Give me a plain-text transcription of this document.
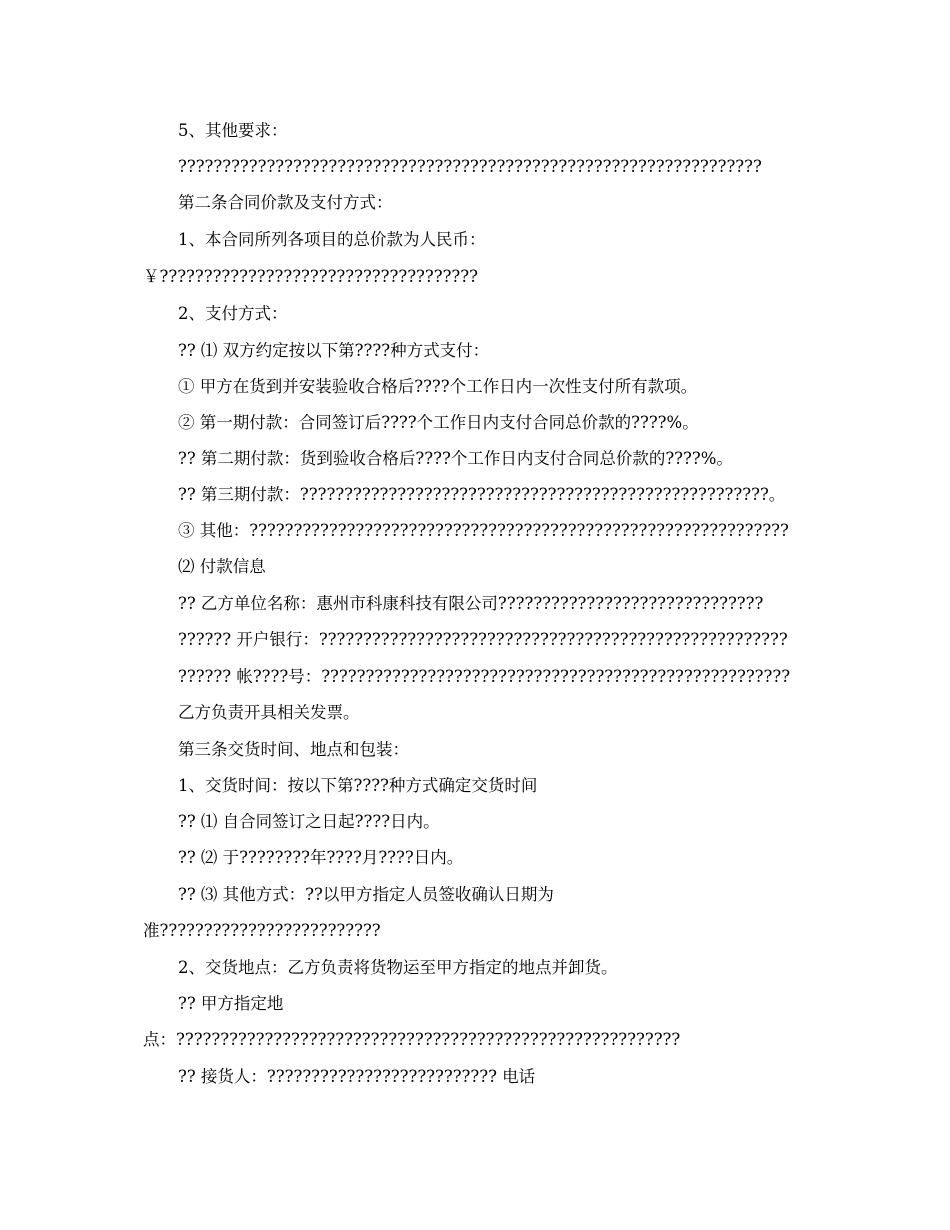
5、其他要求：
??????????????????????????????????????????????????????????????????
第二条合同价款及支付方式：
1、本合同所列各项目的总价款为人民币：
￥????????????????????????????????????
2、支付方式：
?? ⑴ 双方约定按以下第????种方式支付：
① 甲方在货到并安装验收合格后????个工作日内一次性支付所有款项。
② 第一期付款：合同签订后????个工作日内支付合同总价款的????%。
?? 第二期付款：货到验收合格后????个工作日内支付合同总价款的????%。
?? 第三期付款：?????????????????????????????????????????????????????。
③ 其他：?????????????????????????????????????????????????????????????
⑵ 付款信息
?? 乙方单位名称：惠州市科康科技有限公司??????????????????????????????
?????? 开户银行：?????????????????????????????????????????????????????
?????? 帐????号：?????????????????????????????????????????????????????
乙方负责开具相关发票。
第三条交货时间、地点和包装：
1、交货时间：按以下第????种方式确定交货时间
?? ⑴ 自合同签订之日起????日内。
?? ⑵ 于????????年????月????日内。
?? ⑶ 其他方式：??以甲方指定人员签收确认日期为
准?????????????????????????
2、交货地点：乙方负责将货物运至甲方指定的地点并卸货。
?? 甲方指定地
点：?????????????????????????????????????????????????????????
?? 接货人：?????????????????????????? 电话
